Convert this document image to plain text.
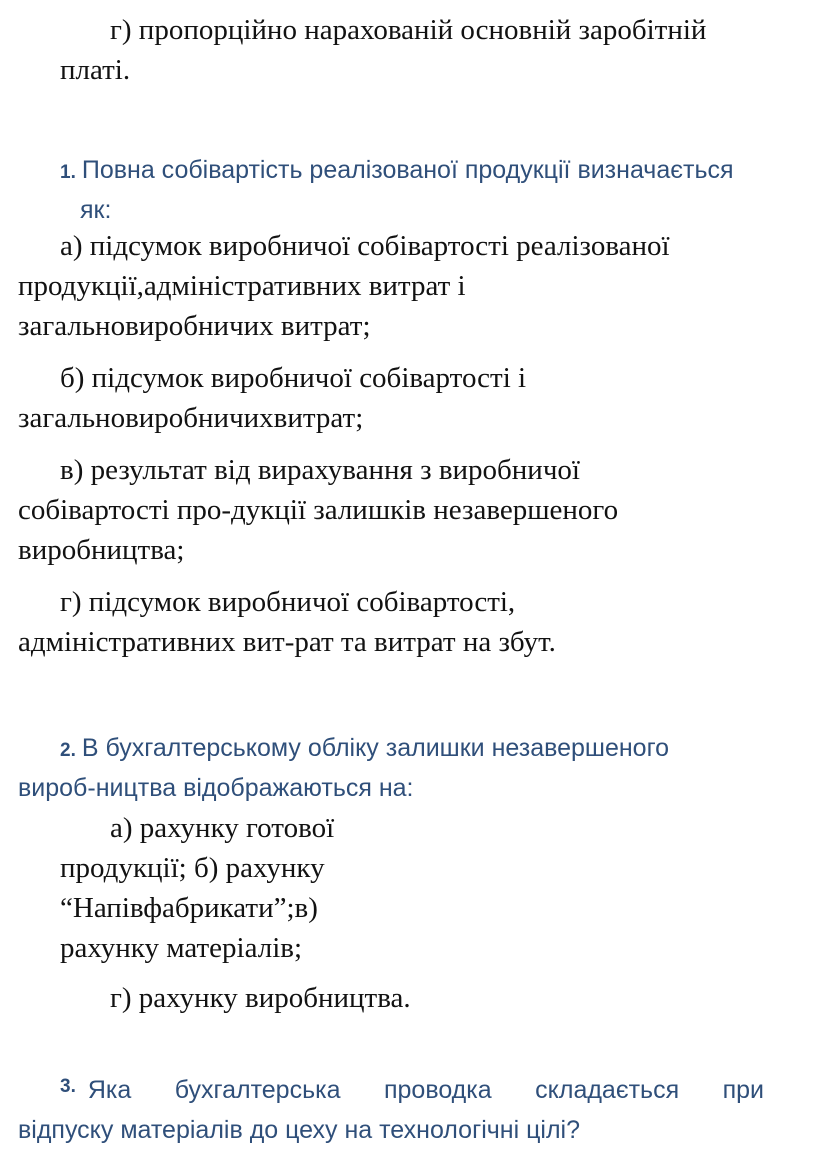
г) пропорційно нарахованій основній заробітній

платі.

1. Повна собівартість реалізованої продукції визначається

як:

а) підсумок виробничої собівартості реалізованої

продукції,адміністративних витрат і

загальновиробничих витрат;

б) підсумок виробничої собівартості і

загальновиробничихвитрат;

в) результат від вирахування з виробничої

собівартості про-дукції залишків незавершеного

виробництва;

г) підсумок виробничої собівартості,

адміністративних вит-рат та витрат на збут.

2. В бухгалтерському обліку залишки незавершеного

вироб-ництва відображаються на:

а) рахунку готової

продукції; б) рахунку

“Напівфабрикати”;в)

рахунку матеріалів;

г) рахунку виробництва.

3. Яка бухгалтерська проводка складається при

відпуску матеріалів до цеху на технологічні цілі?
